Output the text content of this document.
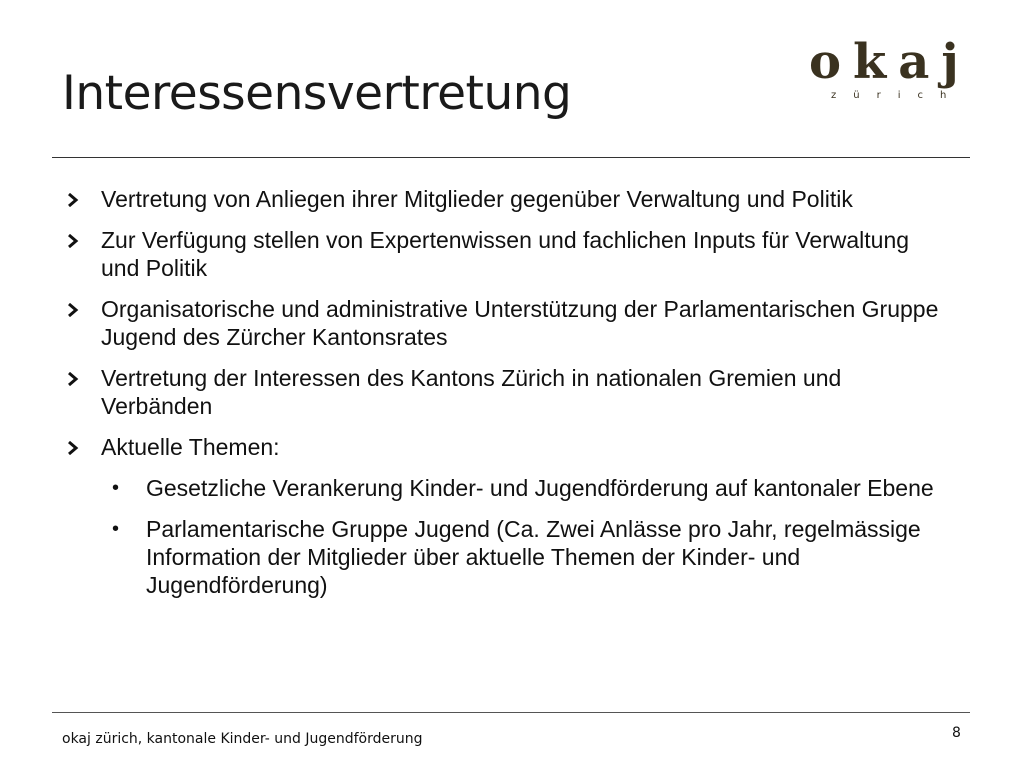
Interessensvertretung
okaj
zürich
Vertretung von Anliegen ihrer Mitglieder gegenüber Verwaltung und Politik
Zur Verfügung stellen von Expertenwissen und fachlichen Inputs für Verwaltung und Politik
Organisatorische und administrative Unterstützung der Parlamentarischen Gruppe Jugend des Zürcher Kantonsrates
Vertretung der Interessen des Kantons Zürich in nationalen Gremien und Verbänden
Aktuelle Themen:
• Gesetzliche Verankerung Kinder- und Jugendförderung auf kantonaler Ebene
• Parlamentarische Gruppe Jugend (Ca. Zwei Anlässe pro Jahr, regelmässige Information der Mitglieder über aktuelle Themen der Kinder- und Jugendförderung)
okaj zürich, kantonale Kinder- und Jugendförderung	8
